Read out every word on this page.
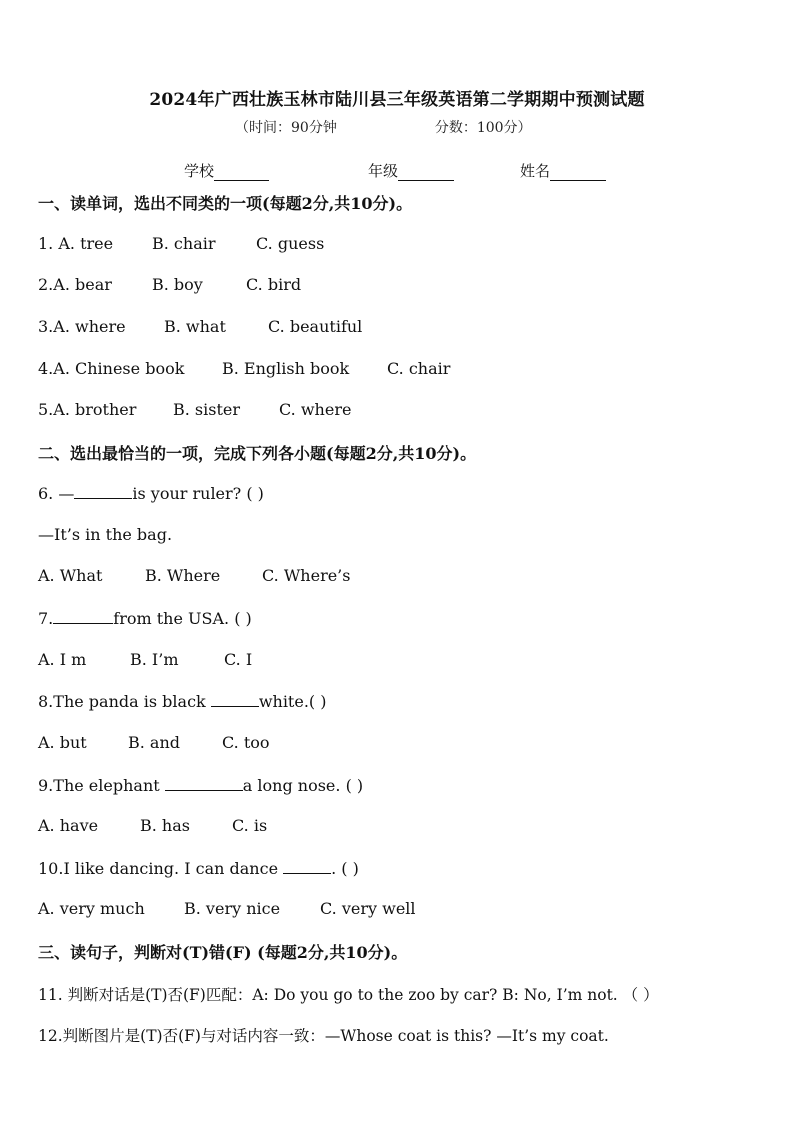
2024年广西壮族玉林市陆川县三年级英语第二学期期中预测试题
（时间：90分钟	分数：100分）
学校	年级	姓名
一、读单词，选出不同类的一项(每题2分,共10分)。
1. A. tree B. chair	C. guess
2.A. bear	B. boy	C. bird
3.A. where B. what	C. beautiful
4.A. Chinese book B. English book C. chair
5.A. brother B. sister C. where
二、选出最恰当的一项，完成下列各小题(每题2分,共10分)。
6. —	is your ruler? ( )
—It’s in the bag.
A. What	B. Where	C. Where’s
7.	from the USA. ( )
A. I m	B. I’m	C. I
8.The panda is black	white.( )
A. but	B. and	C. too
9.The elephant	a long nose. ( )
A. have	B. has	C. is
10.I like dancing. I can dance	. ( )
A. very much B. very nice C. very well
三、读句子，判断对(T)错(F) (每题2分,共10分)。
11. 判断对话是(T)否(F)匹配：A: Do you go to the zoo by car? B: No, I’m not. （ ）
12.判断图片是(T)否(F)与对话内容一致：—Whose coat is this? —It’s my coat.
